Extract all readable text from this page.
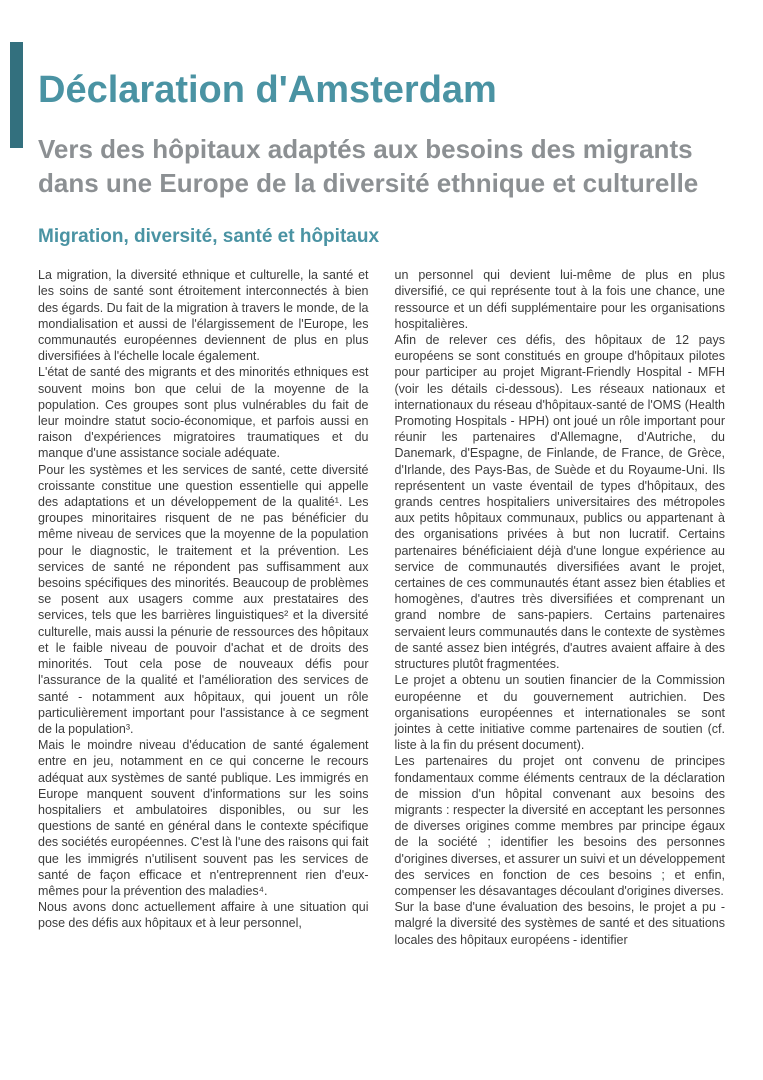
Déclaration d'Amsterdam
Vers des hôpitaux adaptés aux besoins des migrants dans une Europe de la diversité ethnique et culturelle
Migration, diversité, santé et hôpitaux

La migration, la diversité ethnique et culturelle, la santé et les soins de santé sont étroitement interconnectés à bien des égards. Du fait de la migration à travers le monde, de la mondialisation et aussi de l'élargissement de l'Europe, les communautés européennes deviennent de plus en plus diversifiées à l'échelle locale également.

L'état de santé des migrants et des minorités ethniques est souvent moins bon que celui de la moyenne de la population. Ces groupes sont plus vulnérables du fait de leur moindre statut socio-économique, et parfois aussi en raison d'expériences migratoires traumatiques et du manque d'une assistance sociale adéquate.

Pour les systèmes et les services de santé, cette diversité croissante constitue une question essentielle qui appelle des adaptations et un développement de la qualité¹. Les groupes minoritaires risquent de ne pas bénéficier du même niveau de services que la moyenne de la population pour le diagnostic, le traitement et la prévention. Les services de santé ne répondent pas suffisamment aux besoins spécifiques des minorités. Beaucoup de problèmes se posent aux usagers comme aux prestataires des services, tels que les barrières linguistiques² et la diversité culturelle, mais aussi la pénurie de ressources des hôpitaux et le faible niveau de pouvoir d'achat et de droits des minorités. Tout cela pose de nouveaux défis pour l'assurance de la qualité et l'amélioration des services de santé - notamment aux hôpitaux, qui jouent un rôle particulièrement important pour l'assistance à ce segment de la population³.

Mais le moindre niveau d'éducation de santé également entre en jeu, notamment en ce qui concerne le recours adéquat aux systèmes de santé publique. Les immigrés en Europe manquent souvent d'informations sur les soins hospitaliers et ambulatoires disponibles, ou sur les questions de santé en général dans le contexte spécifique des sociétés européennes. C'est là l'une des raisons qui fait que les immigrés n'utilisent souvent pas les services de santé de façon efficace et n'entreprennent rien d'eux-mêmes pour la prévention des maladies⁴.

Nous avons donc actuellement affaire à une situation qui pose des défis aux hôpitaux et à leur personnel,

un personnel qui devient lui-même de plus en plus diversifié, ce qui représente tout à la fois une chance, une ressource et un défi supplémentaire pour les organisations hospitalières.

Afin de relever ces défis, des hôpitaux de 12 pays européens se sont constitués en groupe d'hôpitaux pilotes pour participer au projet Migrant-Friendly Hospital - MFH (voir les détails ci-dessous). Les réseaux nationaux et internationaux du réseau d'hôpitaux-santé de l'OMS (Health Promoting Hospitals - HPH) ont joué un rôle important pour réunir les partenaires d'Allemagne, d'Autriche, du Danemark, d'Espagne, de Finlande, de France, de Grèce, d'Irlande, des Pays-Bas, de Suède et du Royaume-Uni. Ils représentent un vaste éventail de types d'hôpitaux, des grands centres hospitaliers universitaires des métropoles aux petits hôpitaux communaux, publics ou appartenant à des organisations privées à but non lucratif. Certains partenaires bénéficiaient déjà d'une longue expérience au service de communautés diversifiées avant le projet, certaines de ces communautés étant assez bien établies et homogènes, d'autres très diversifiées et comprenant un grand nombre de sans-papiers. Certains partenaires servaient leurs communautés dans le contexte de systèmes de santé assez bien intégrés, d'autres avaient affaire à des structures plutôt fragmentées.

Le projet a obtenu un soutien financier de la Commission européenne et du gouvernement autrichien. Des organisations européennes et internationales se sont jointes à cette initiative comme partenaires de soutien (cf. liste à la fin du présent document).

Les partenaires du projet ont convenu de principes fondamentaux comme éléments centraux de la déclaration de mission d'un hôpital convenant aux besoins des migrants : respecter la diversité en acceptant les personnes de diverses origines comme membres par principe égaux de la société ; identifier les besoins des personnes d'origines diverses, et assurer un suivi et un développement des services en fonction de ces besoins ; et enfin, compenser les désavantages découlant d'origines diverses.

Sur la base d'une évaluation des besoins, le projet a pu - malgré la diversité des systèmes de santé et des situations locales des hôpitaux européens - identifier
